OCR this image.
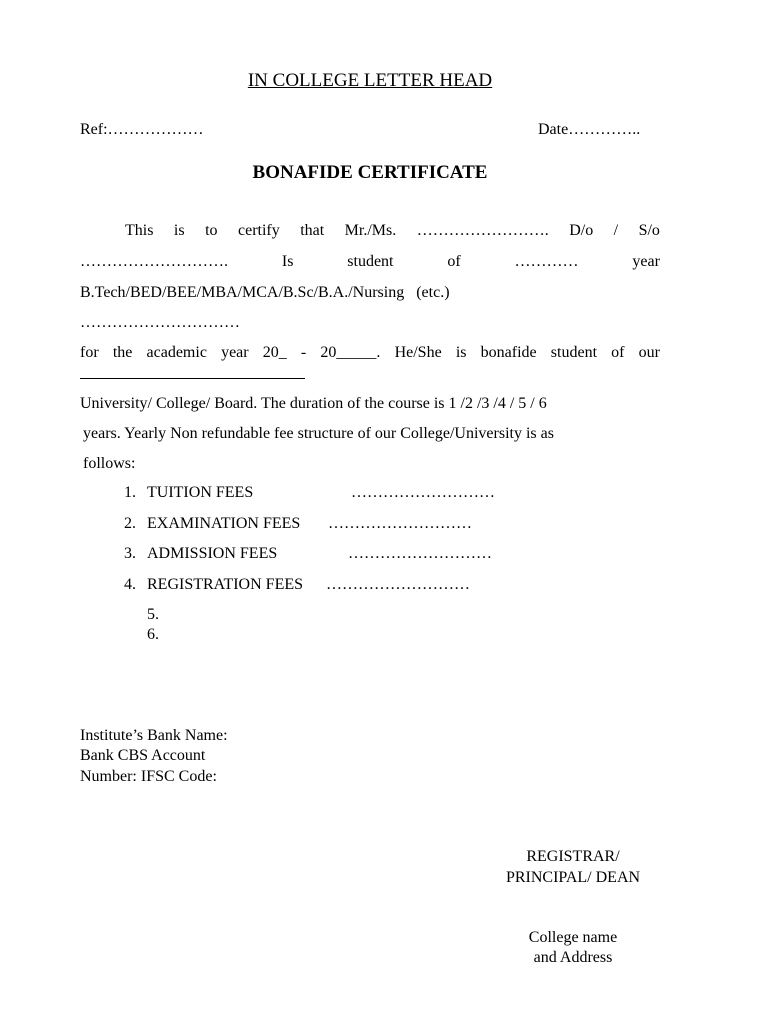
IN COLLEGE LETTER HEAD
Ref:………………	Date…………..
BONAFIDE CERTIFICATE
This is to certify that Mr./Ms. ……………………. D/o / S/o
……………………….	Is	student	of	…………	year
B.Tech/BED/BEE/MBA/MCA/B.Sc/B.A./Nursing   (etc.)
…………………………
for the academic year 20_ - 20_____. He/She is bonafide student of our
University/ College/ Board. The duration of the course is 1 /2 /3 /4 / 5 / 6
years. Yearly Non refundable fee structure of our College/University is as
follows:
1. TUITION FEES	………………………
2. EXAMINATION FEES ………………………
3. ADMISSION FEES	………………………
4. REGISTRATION FEES ………………………
5.
6.
Institute’s Bank Name:
Bank CBS Account
Number: IFSC Code:
REGISTRAR/
PRINCIPAL/ DEAN
College name
and Address
